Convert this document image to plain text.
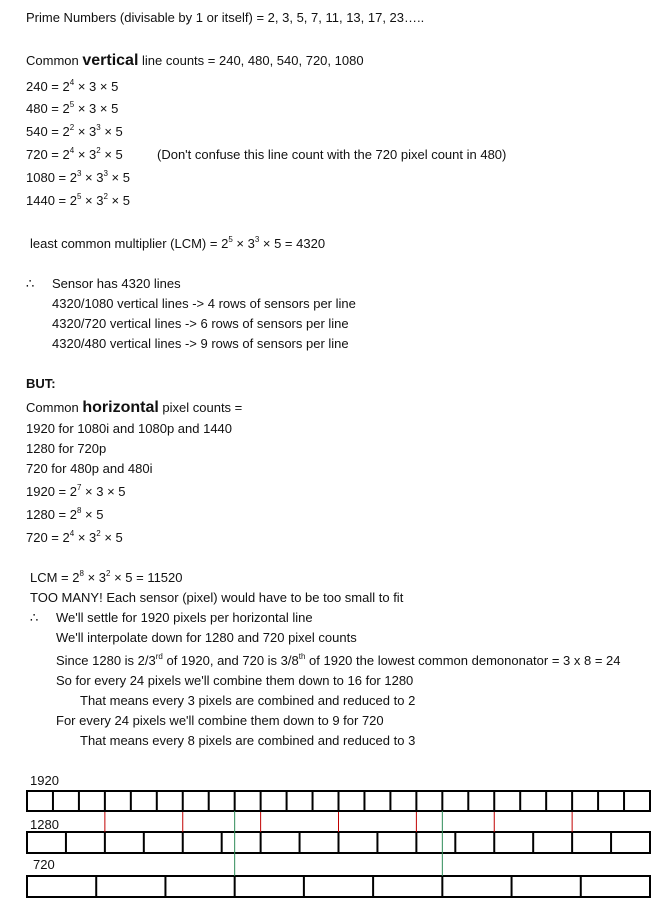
Prime Numbers (divisable by 1 or itself) = 2, 3, 5, 7, 11, 13, 17, 23…..
Common vertical line counts = 240, 480, 540, 720, 1080
$240 = 2^4 \times 3 \times 5$
$480 = 2^5 \times 3 \times 5$
$540 = 2^2 \times 3^3 \times 5$
$720 = 2^4 \times 3^2 \times 5$	(Don't confuse this line count with the 720 pixel count in 480)
$1080 = 2^3 \times 3^3 \times 5$
$1440 = 2^5 \times 3^2 \times 5$
least common multiplier $(LCM) = 2^5 \times 3^3 \times 5 = 4320$
∴ Sensor has 4320 lines
4320/1080 vertical lines -> 4 rows of sensors per line
4320/720 vertical lines -> 6 rows of sensors per line
4320/480 vertical lines -> 9 rows of sensors per line
BUT:
Common horizontal pixel counts =
1920 for 1080i and 1080p and 1440
1280 for 720p
720 for 480p and 480i
$1920 = 2^7 \times 3 \times 5$
$1280 = 2^8 \times 5$
$720 = 2^4 \times 3^2 \times 5$
LCM = $2^8 \times 3^2 \times 5 = 11520$
TOO MANY! Each sensor (pixel) would have to be too small to fit
∴ We'll settle for 1920 pixels per horizontal line
We'll interpolate down for 1280 and 720 pixel counts
Since 1280 is 2/3rd of 1920, and 720 is 3/8th of 1920 the lowest common demononator = 3 x 8 = 24
So for every 24 pixels we'll combine them down to 16 for 1280
That means every 3 pixels are combined and reduced to 2
For every 24 pixels we'll combine them down to 9 for 720
That means every 8 pixels are combined and reduced to 3
1920
1280
720
